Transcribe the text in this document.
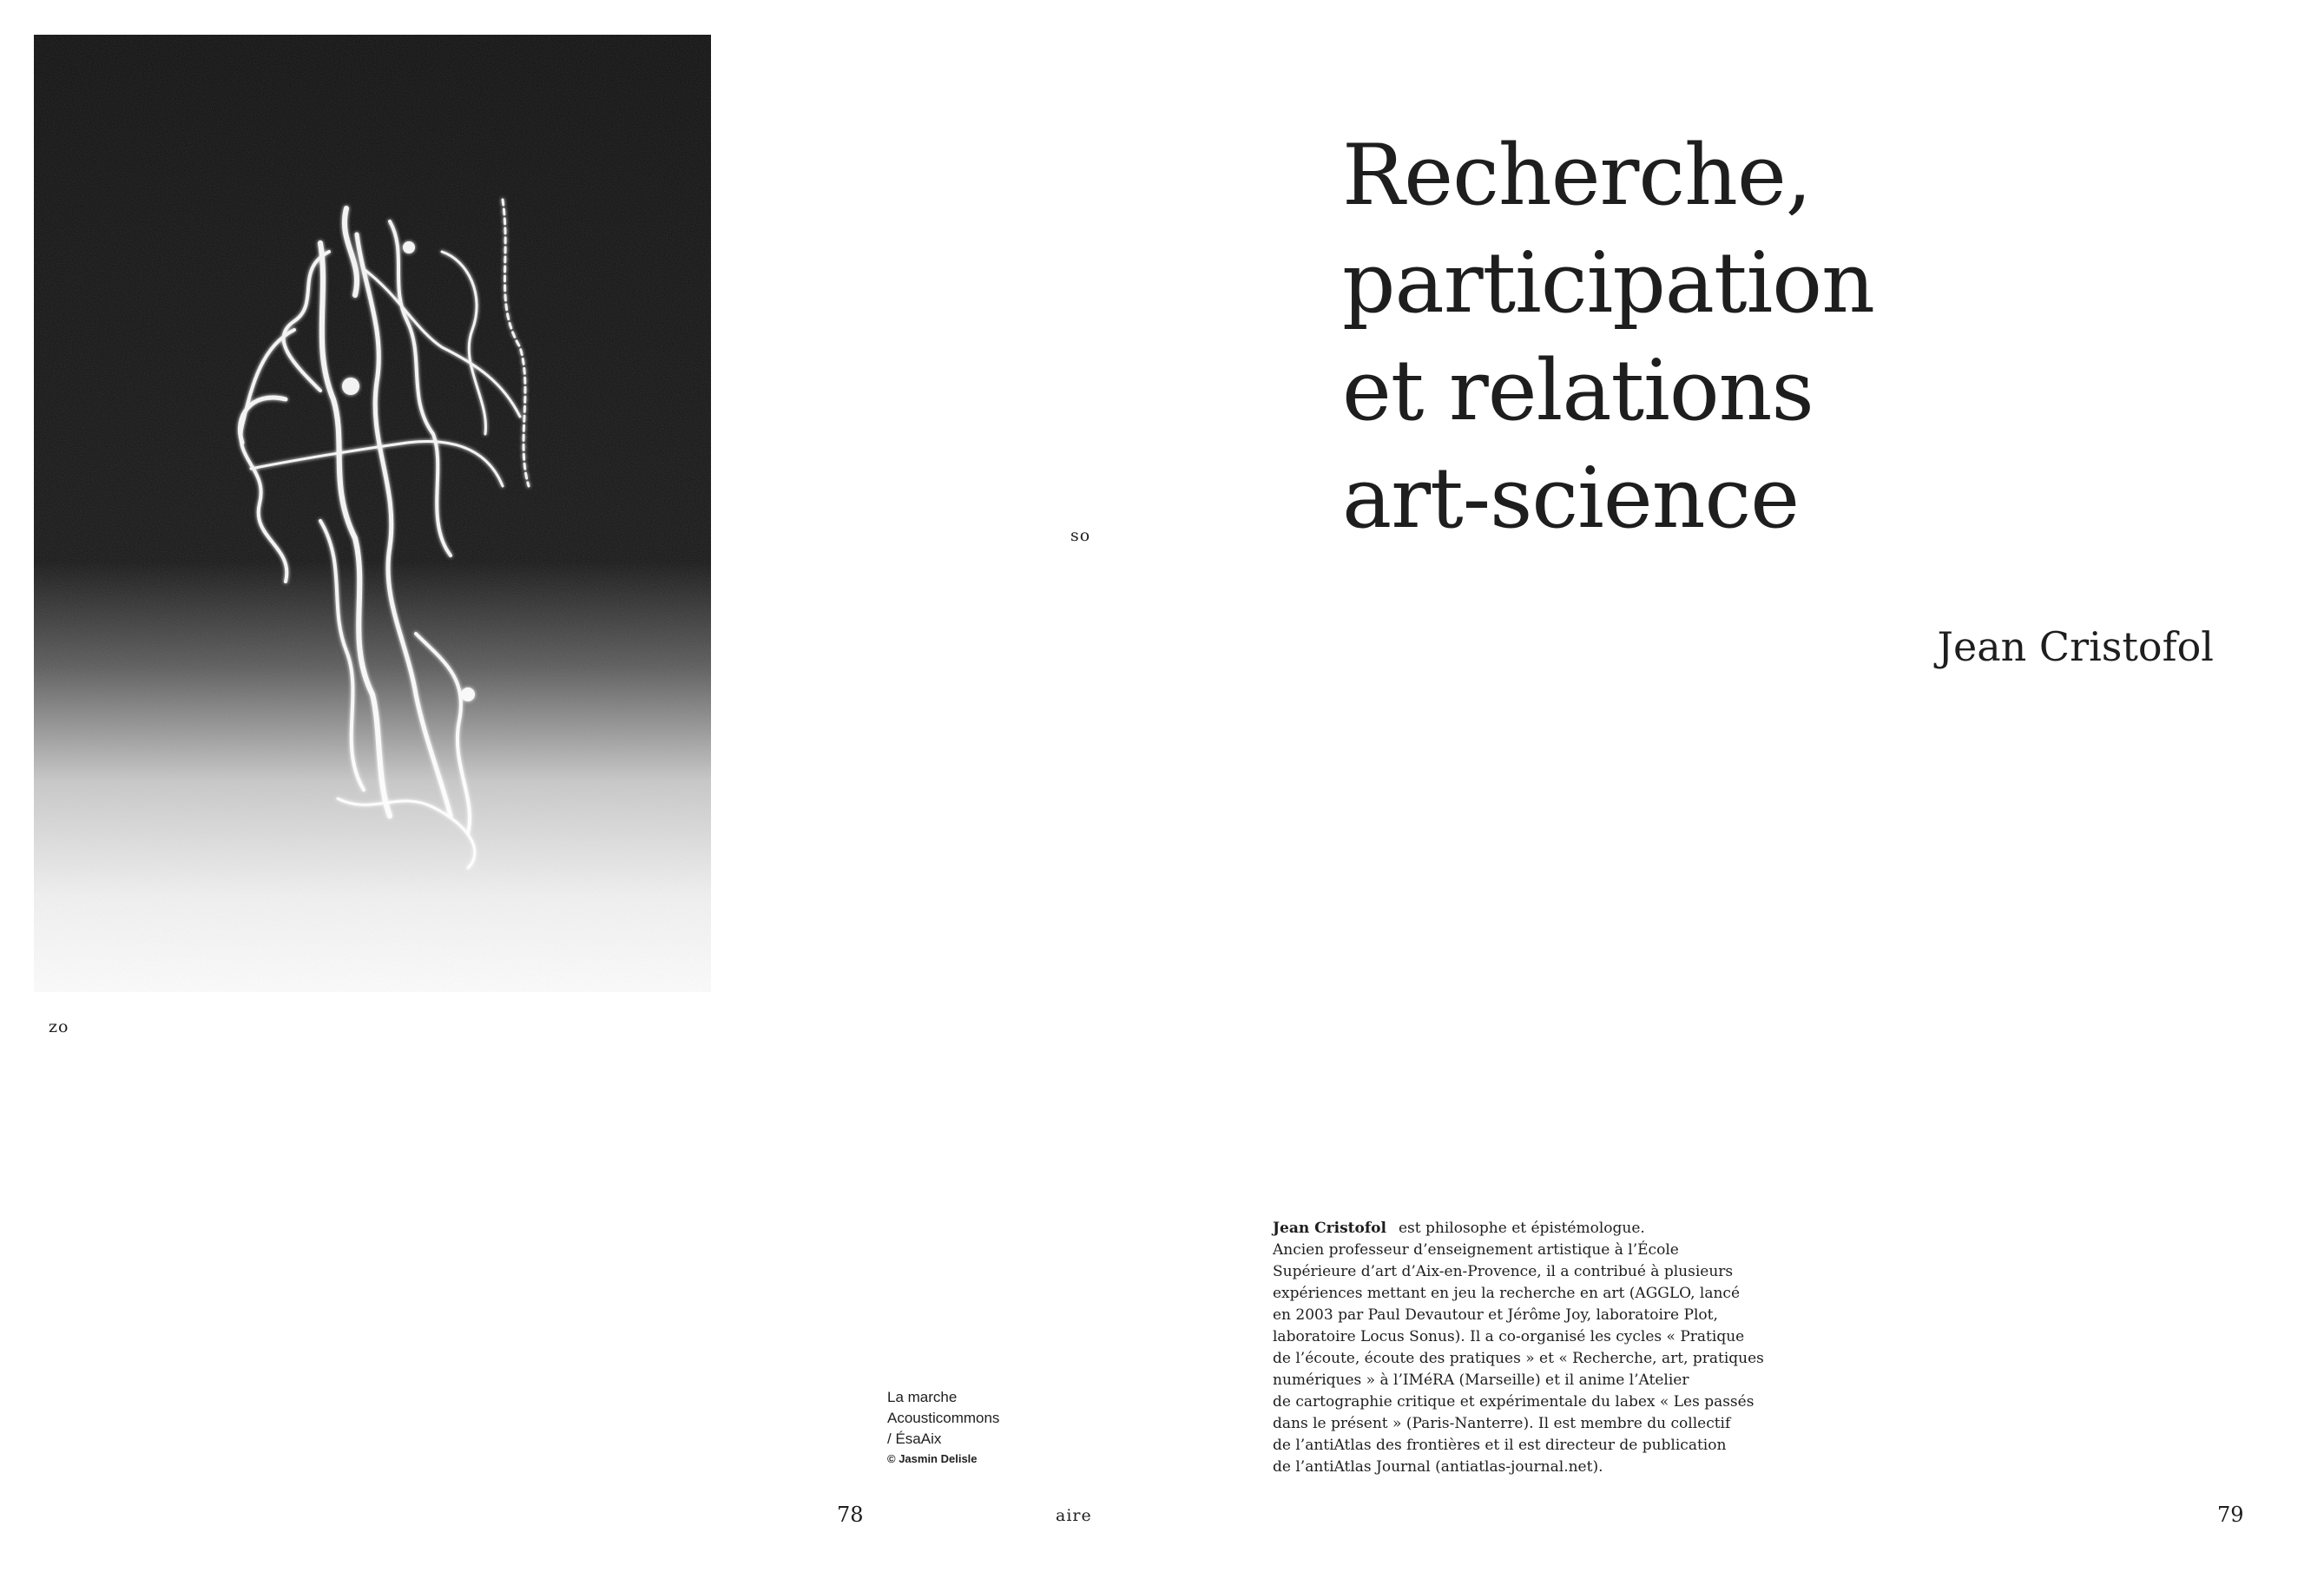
so
zo
aire
La marche
Acousticommons
/ ÉsaAix
© Jasmin Delisle
78
Recherche,
participation
et relations
art-science
Jean Cristofol
Jean Cristofol est philosophe et épistémologue.
Ancien professeur d’enseignement artistique à l’École
Supérieure d’art d’Aix-en-Provence, il a contribué à plusieurs
expériences mettant en jeu la recherche en art (AGGLO, lancé
en 2003 par Paul Devautour et Jérôme Joy, laboratoire Plot,
laboratoire Locus Sonus). Il a co-organisé les cycles « Pratique
de l’écoute, écoute des pratiques » et « Recherche, art, pratiques
numériques » à l’IMéRA (Marseille) et il anime l’Atelier
de cartographie critique et expérimentale du labex « Les passés
dans le présent » (Paris-Nanterre). Il est membre du collectif
de l’antiAtlas des frontières et il est directeur de publication
de l’antiAtlas Journal (antiatlas-journal.net).
79
